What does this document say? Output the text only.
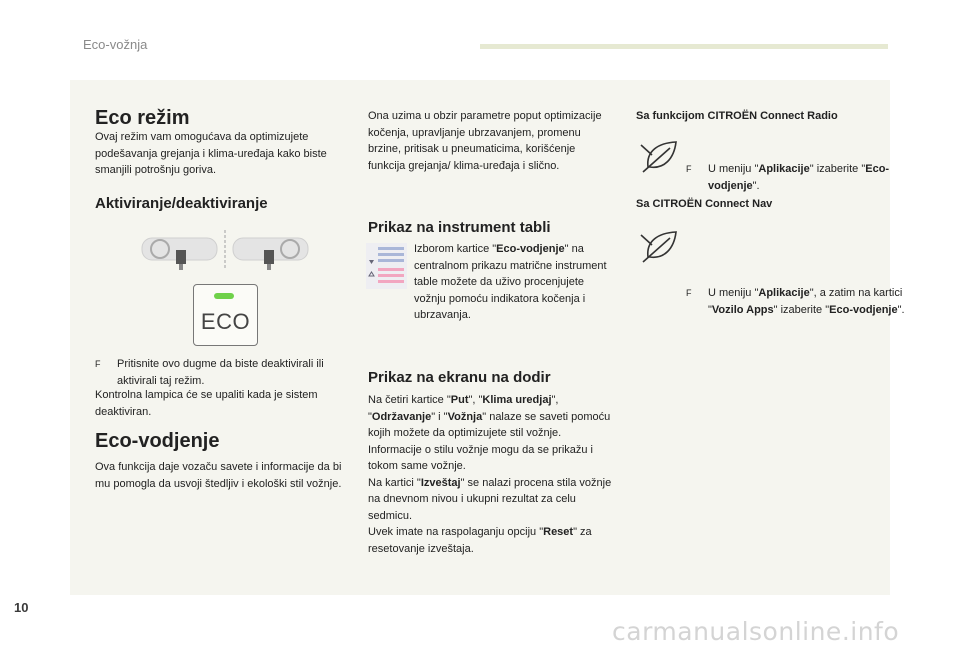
Eco-vožnja
Eco režim
Ovaj režim vam omogućava da optimizujete podešavanja grejanja i klima-uređaja kako biste smanjili potrošnju goriva.
Aktiviranje/deaktiviranje
ECO
F Pritisnite ovo dugme da biste deaktivirali ili aktivirali taj režim.
Kontrolna lampica će se upaliti kada je sistem deaktiviran.
Eco-vodjenje
Ova funkcija daje vozaču savete i informacije da bi mu pomogla da usvoji štedljiv i ekološki stil vožnje.
Ona uzima u obzir parametre poput optimizacije kočenja, upravljanje ubrzavanjem, promenu brzine, pritisak u pneumaticima, korišćenje funkcija grejanja/ klima-uređaja i slično.
Prikaz na instrument tabli
Izborom kartice "Eco-vodjenje" na centralnom prikazu matrične instrument table možete da uživo procenjujete vožnju pomoću indikatora kočenja i ubrzavanja.
Prikaz na ekranu na dodir
Na četiri kartice "Put", "Klima uredjaj", "Održavanje" i "Vožnja" nalaze se saveti pomoću kojih možete da optimizujete stil vožnje.
Informacije o stilu vožnje mogu da se prikažu i tokom same vožnje.
Na kartici "Izveštaj" se nalazi procena stila vožnje na dnevnom nivou i ukupni rezultat za celu sedmicu.
Uvek imate na raspolaganju opciju "Reset" za resetovanje izveštaja.
Sa funkcijom CITROËN Connect Radio
F U meniju "Aplikacije" izaberite "Eco-vodjenje".
Sa CITROËN Connect Nav
F U meniju "Aplikacije", a zatim na kartici "Vozilo Apps" izaberite "Eco-vodjenje".
10
carmanualsonline.info
